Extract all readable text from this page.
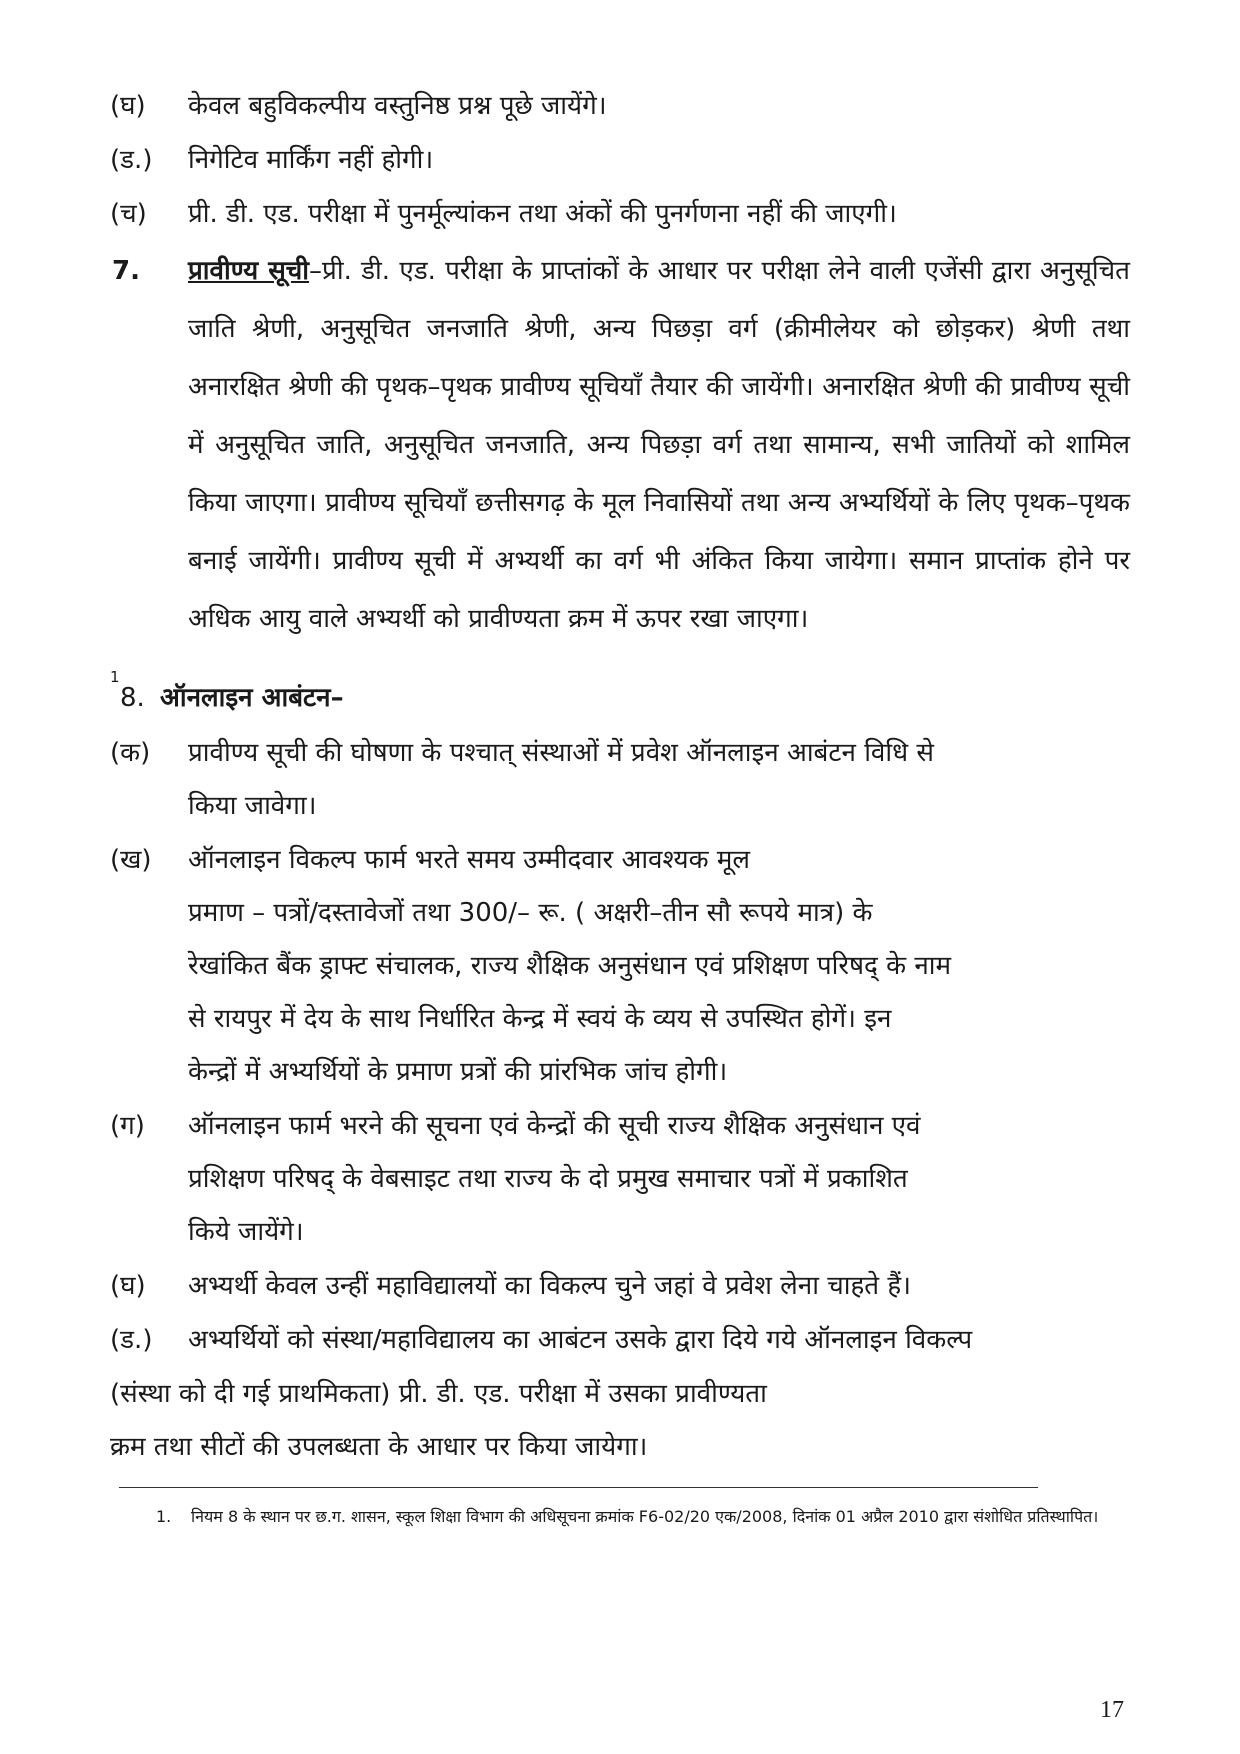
(घ) केवल बहुविकल्पीय वस्तुनिष्ठ प्रश्न पूछे जायेंगे।
(ड.) निगेटिव मार्किंग नहीं होगी।
(च) प्री. डी. एड. परीक्षा में पुनर्मूल्यांकन तथा अंकों की पुनर्गणना नहीं की जाएगी।
7. प्रावीण्य सूची–प्री. डी. एड. परीक्षा के प्राप्तांकों के आधार पर परीक्षा लेने वाली एजेंसी द्वारा अनुसूचित जाति श्रेणी, अनुसूचित जनजाति श्रेणी, अन्य पिछड़ा वर्ग (क्रीमीलेयर को छोड़कर) श्रेणी तथा अनारक्षित श्रेणी की पृथक–पृथक प्रावीण्य सूचियाँ तैयार की जायेंगी। अनारक्षित श्रेणी की प्रावीण्य सूची में अनुसूचित जाति, अनुसूचित जनजाति, अन्य पिछड़ा वर्ग तथा सामान्य, सभी जातियों को शामिल किया जाएगा। प्रावीण्य सूचियाँ छत्तीसगढ़ के मूल निवासियों तथा अन्य अभ्यर्थियों के लिए पृथक–पृथक बनाई जायेंगी। प्रावीण्य सूची में अभ्यर्थी का वर्ग भी अंकित किया जायेगा। समान प्राप्तांक होने पर अधिक आयु वाले अभ्यर्थी को प्रावीण्यता क्रम में ऊपर रखा जाएगा।
1
8. ऑनलाइन आबंटन–
(क) प्रावीण्य सूची की घोषणा के पश्चात् संस्थाओं में प्रवेश ऑनलाइन आबंटन विधि से
किया जावेगा।
(ख) ऑनलाइन विकल्प फार्म भरते समय उम्मीदवार आवश्यक मूल
प्रमाण – पत्रों/दस्तावेजों तथा 300/– रू. ( अक्षरी–तीन सौ रूपये मात्र) के
रेखांकित बैंक ड्राफ्ट संचालक, राज्य शैक्षिक अनुसंधान एवं प्रशिक्षण परिषद् के नाम
से रायपुर में देय के साथ निर्धारित केन्द्र में स्वयं के व्यय से उपस्थित होगें। इन
केन्द्रों में अभ्यर्थियों के प्रमाण प्रत्रों की प्रांरभिक जांच होगी।
(ग) ऑनलाइन फार्म भरने की सूचना एवं केन्द्रों की सूची राज्य शैक्षिक अनुसंधान एवं
प्रशिक्षण परिषद् के वेबसाइट तथा राज्य के दो प्रमुख समाचार पत्रों में प्रकाशित
किये जायेंगे।
(घ) अभ्यर्थी केवल उन्हीं महाविद्यालयों का विकल्प चुने जहां वे प्रवेश लेना चाहते हैं।
(ड.) अभ्यर्थियों को संस्था/महाविद्यालय का आबंटन उसके द्वारा दिये गये ऑनलाइन विकल्प
(संस्था को दी गई प्राथमिकता) प्री. डी. एड. परीक्षा में उसका प्रावीण्यता
क्रम तथा सीटों की उपलब्धता के आधार पर किया जायेगा।
1. नियम 8 के स्थान पर छ.ग. शासन, स्कूल शिक्षा विभाग की अधिसूचना क्रमांक F6-02/20 एक/2008, दिनांक 01 अप्रैल 2010 द्वारा संशोधित प्रतिस्थापित।
17
